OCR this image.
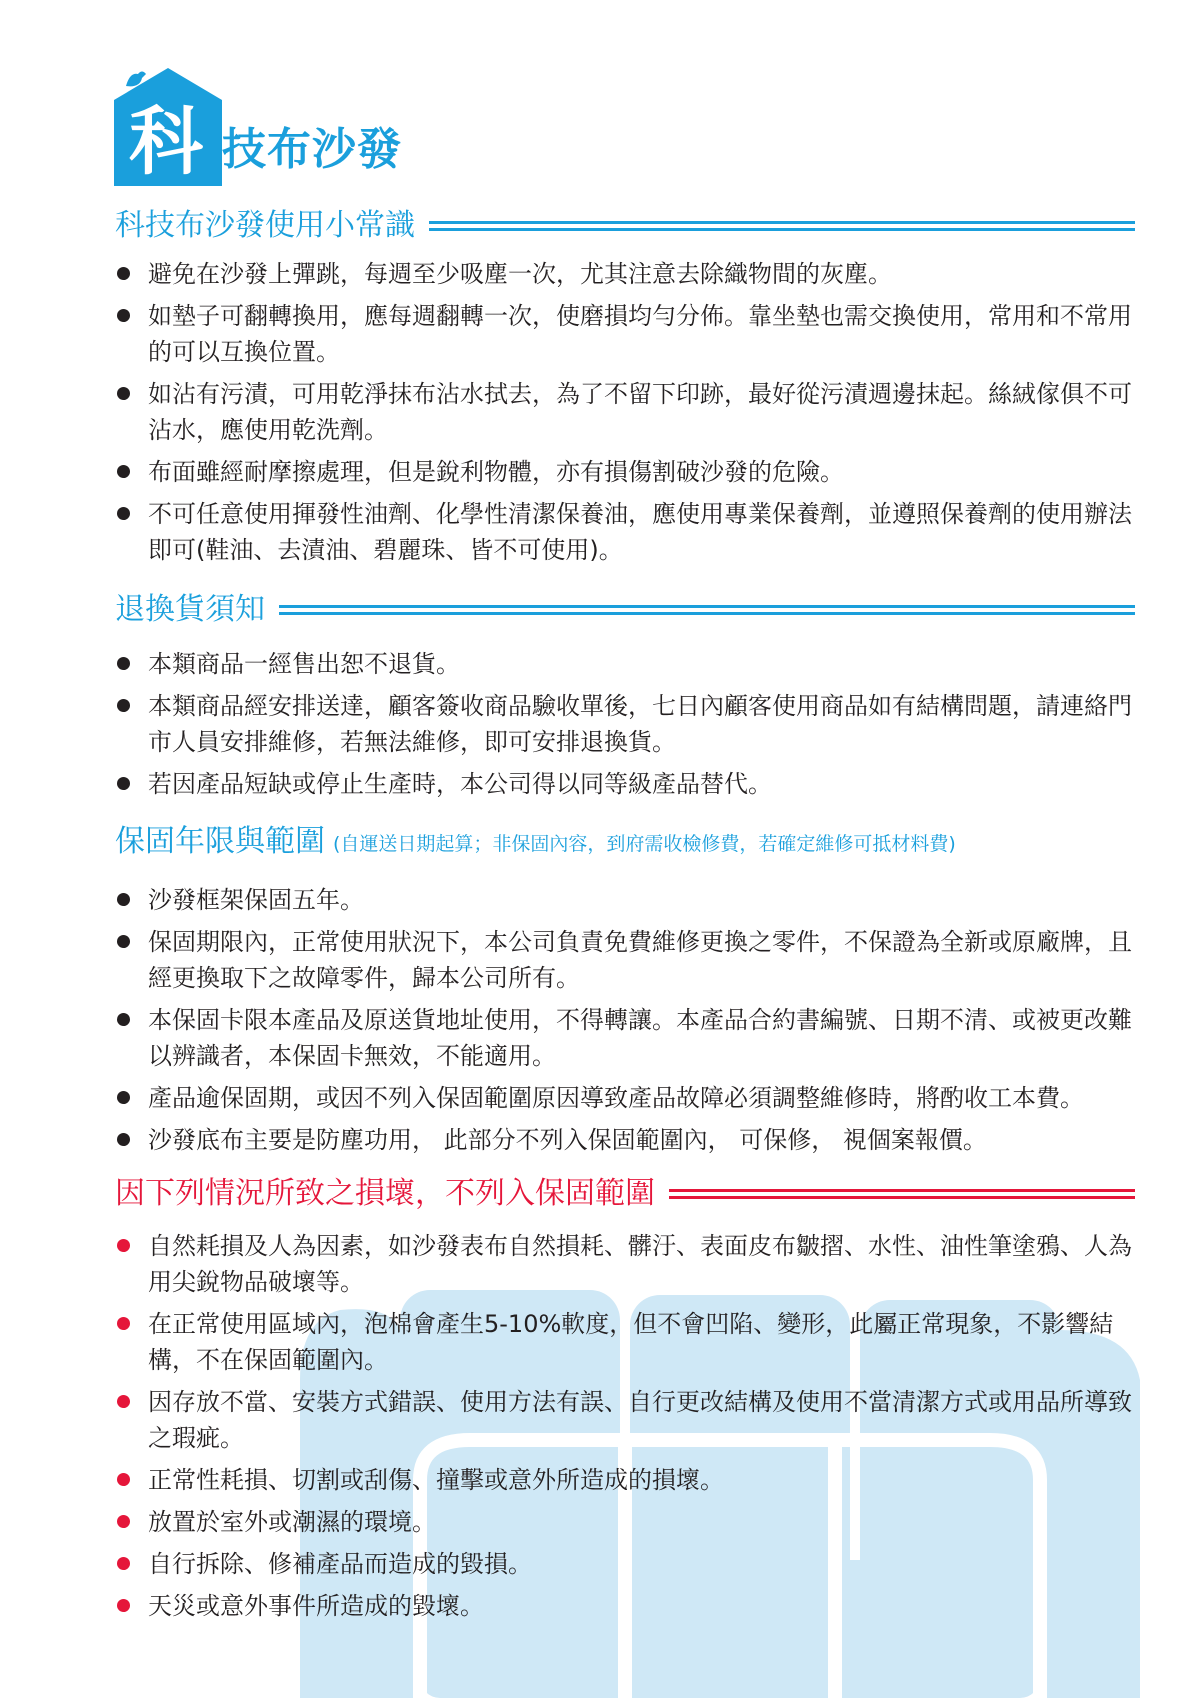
科 技布沙發
科技布沙發使用小常識
避免在沙發上彈跳，每週至少吸塵一次，尤其注意去除織物間的灰塵。
如墊子可翻轉換用，應每週翻轉一次，使磨損均勻分佈。靠坐墊也需交換使用，常用和不常用的可以互換位置。
如沾有污漬，可用乾淨抹布沾水拭去，為了不留下印跡，最好從污漬週邊抹起。絲絨傢俱不可沾水，應使用乾洗劑。
布面雖經耐摩擦處理，但是銳利物體，亦有損傷割破沙發的危險。
不可任意使用揮發性油劑、化學性清潔保養油，應使用專業保養劑，並遵照保養劑的使用辦法即可(鞋油、去漬油、碧麗珠、皆不可使用)。
退換貨須知
本類商品一經售出恕不退貨。
本類商品經安排送達，顧客簽收商品驗收單後，七日內顧客使用商品如有結構問題，請連絡門市人員安排維修，若無法維修，即可安排退換貨。
若因產品短缺或停止生產時，本公司得以同等級產品替代。
保固年限與範圍 (自運送日期起算；非保固內容，到府需收檢修費，若確定維修可抵材料費)
沙發框架保固五年。
保固期限內，正常使用狀況下，本公司負責免費維修更換之零件，不保證為全新或原廠牌，且經更換取下之故障零件，歸本公司所有。
本保固卡限本產品及原送貨地址使用，不得轉讓。本產品合約書編號、日期不清、或被更改難以辨識者，本保固卡無效，不能適用。
產品逾保固期，或因不列入保固範圍原因導致產品故障必須調整維修時，將酌收工本費。
沙發底布主要是防塵功用， 此部分不列入保固範圍內， 可保修， 視個案報價。
因下列情況所致之損壞，不列入保固範圍
自然耗損及人為因素，如沙發表布自然損耗、髒汙、表面皮布皺摺、水性、油性筆塗鴉、人為用尖銳物品破壞等。
在正常使用區域內，泡棉會產生5-10%軟度，但不會凹陷、變形，此屬正常現象，不影響結構，不在保固範圍內。
因存放不當、安裝方式錯誤、使用方法有誤、自行更改結構及使用不當清潔方式或用品所導致之瑕疵。
正常性耗損、切割或刮傷、撞擊或意外所造成的損壞。
放置於室外或潮濕的環境。
自行拆除、修補產品而造成的毀損。
天災或意外事件所造成的毀壞。
